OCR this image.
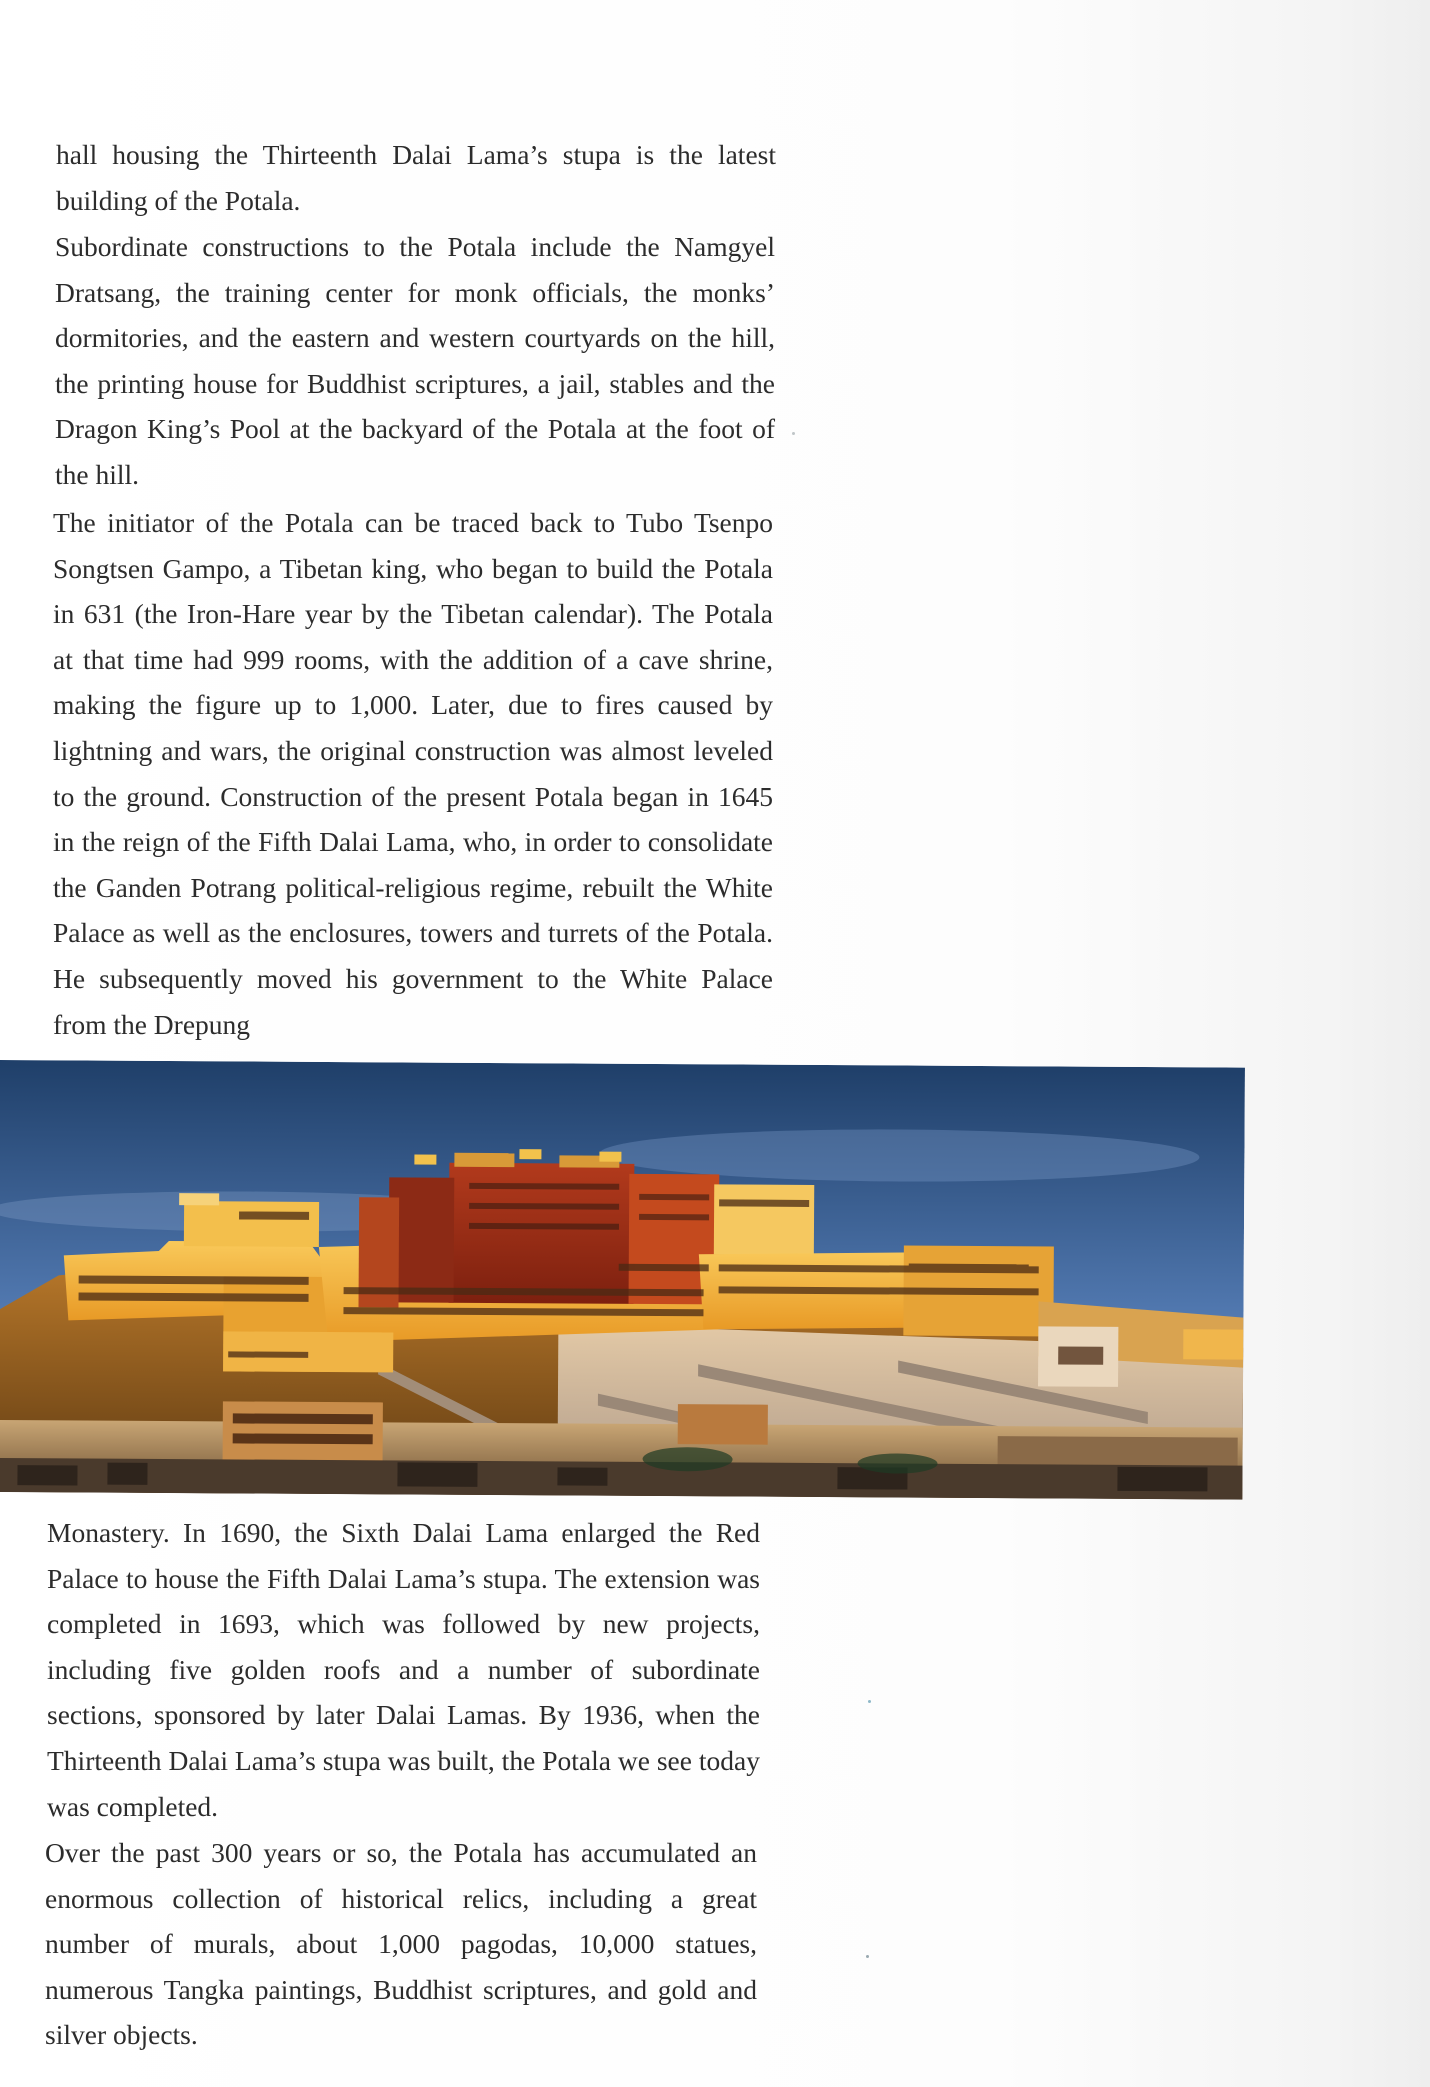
hall housing the Thirteenth Dalai Lama’s stupa is the latest building of the Potala.

Subordinate constructions to the Potala include the Namgyel Dratsang, the training center for monk officials, the monks’ dormitories, and the eastern and western courtyards on the hill, the printing house for Buddhist scriptures, a jail, stables and the Dragon King’s Pool at the backyard of the Potala at the foot of the hill.

The initiator of the Potala can be traced back to Tubo Tsenpo Songtsen Gampo, a Tibetan king, who began to build the Potala in 631 (the Iron-Hare year by the Tibetan calendar). The Potala at that time had 999 rooms, with the addition of a cave shrine, making the figure up to 1,000. Later, due to fires caused by lightning and wars, the original construction was almost leveled to the ground. Construction of the present Potala began in 1645 in the reign of the Fifth Dalai Lama, who, in order to consolidate the Ganden Potrang political-religious regime, rebuilt the White Palace as well as the enclosures, towers and turrets of the Potala. He subsequently moved his government to the White Palace from the Drepung

Monastery. In 1690, the Sixth Dalai Lama enlarged the Red Palace to house the Fifth Dalai Lama’s stupa. The extension was completed in 1693, which was followed by new projects, including five golden roofs and a number of subordinate sections, sponsored by later Dalai Lamas. By 1936, when the Thirteenth Dalai Lama’s stupa was built, the Potala we see today was completed.

Over the past 300 years or so, the Potala has accumulated an enormous collection of historical relics, including a great number of murals, about 1,000 pagodas, 10,000 statues, numerous Tangka paintings, Buddhist scriptures, and gold and silver objects.
